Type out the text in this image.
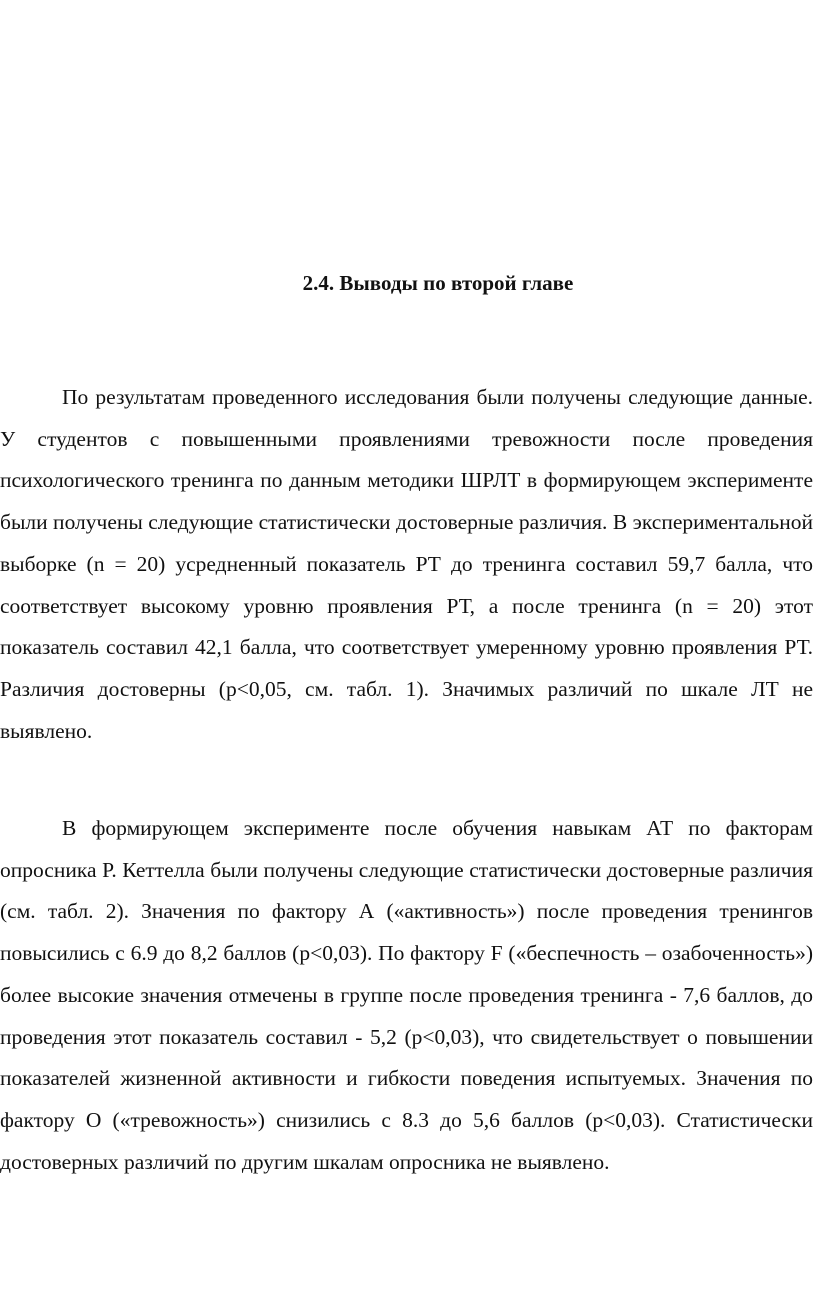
2.4. Выводы по второй главе

По результатам проведенного исследования были получены следующие данные. У студентов с повышенными проявлениями тревожности после проведения психологического тренинга по данным методики ШРЛТ в формирующем эксперименте были получены следующие статистически достоверные различия. В экспериментальной выборке (n = 20) усредненный показатель РТ до тренинга составил 59,7 балла, что соответствует высокому уровню проявления РТ, а после тренинга (n = 20) этот показатель составил 42,1 балла, что соответствует умеренному уровню проявления РТ. Различия достоверны (р<0,05, см. табл. 1). Значимых различий по шкале ЛТ не выявлено.

В формирующем эксперименте после обучения навыкам АТ по факторам опросника Р. Кеттелла были получены следующие статистически достоверные различия (см. табл. 2). Значения по фактору А («активность») после проведения тренингов повысились с 6.9 до 8,2 баллов (р<0,03). По фактору F («беспечность – озабоченность») более высокие значения отмечены в группе после проведения тренинга - 7,6 баллов, до проведения этот показатель составил - 5,2 (р<0,03), что свидетельствует о повышении показателей жизненной активности и гибкости поведения испытуемых. Значения по фактору О («тревожность») снизились с 8.3 до 5,6 баллов (р<0,03). Статистически достоверных различий по другим шкалам опросника не выявлено.
